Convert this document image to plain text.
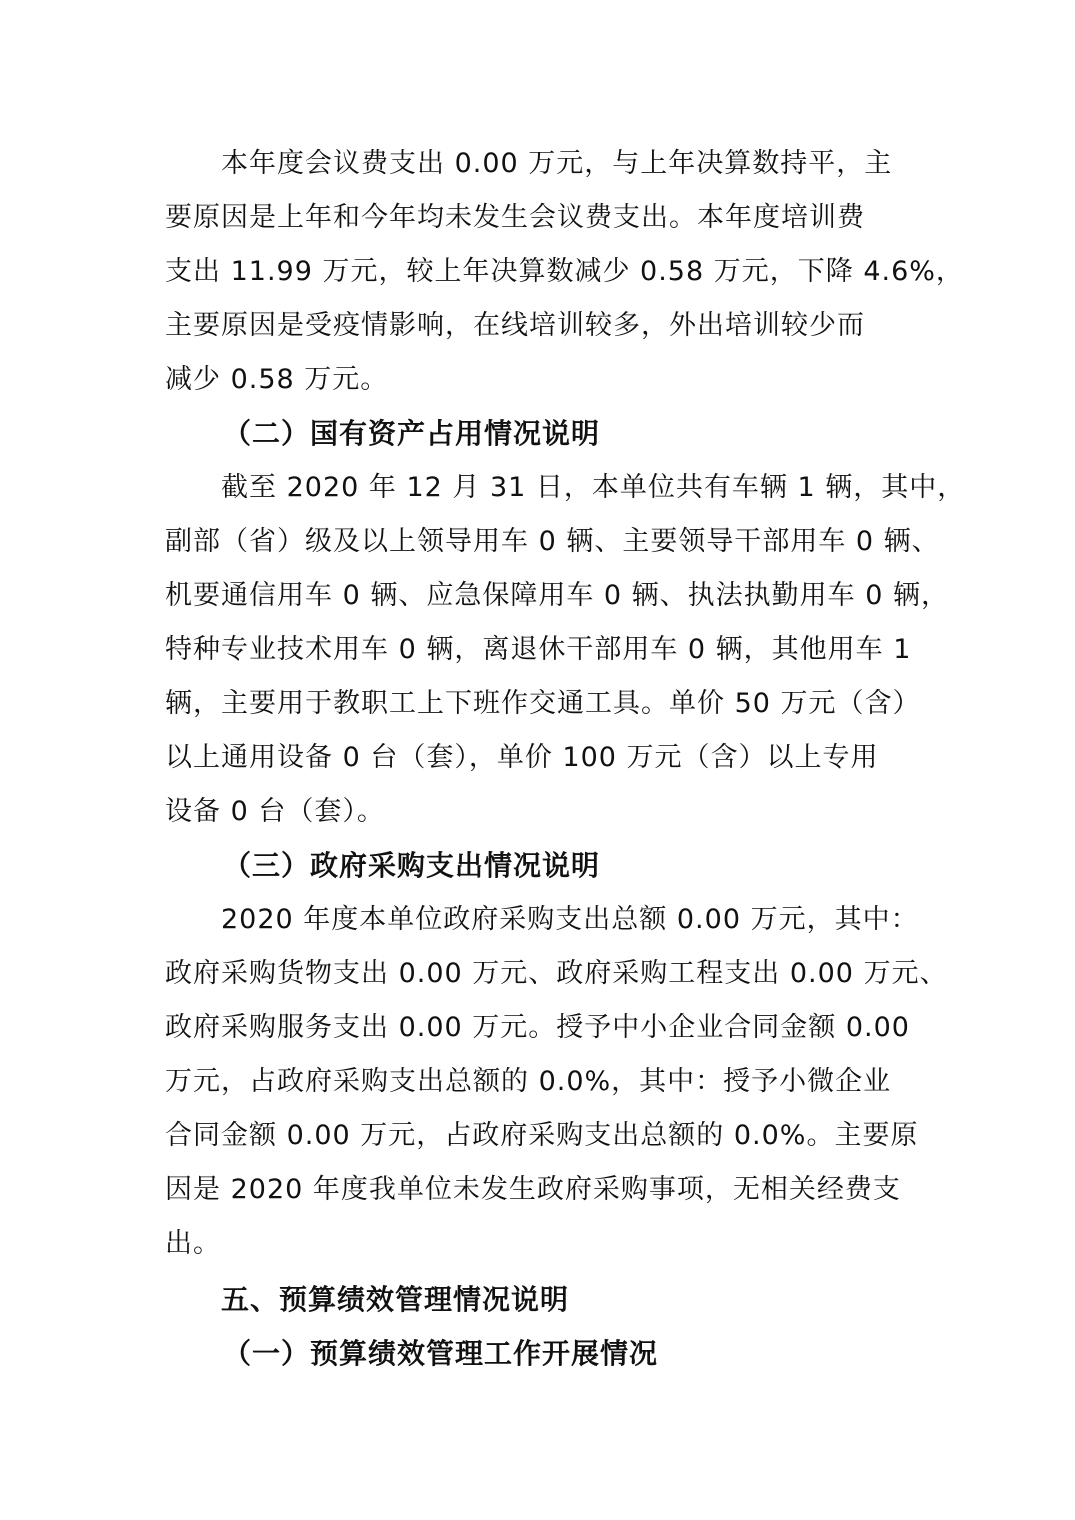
本年度会议费支出 0.00 万元，与上年决算数持平，主
要原因是上年和今年均未发生会议费支出。本年度培训费
支出 11.99 万元，较上年决算数减少 0.58 万元，下降 4.6%，
主要原因是受疫情影响，在线培训较多，外出培训较少而
减少 0.58 万元。
（二）国有资产占用情况说明
截至 2020 年 12 月 31 日，本单位共有车辆 1 辆，其中，
副部（省）级及以上领导用车 0 辆、主要领导干部用车 0 辆、
机要通信用车 0 辆、应急保障用车 0 辆、执法执勤用车 0 辆，
特种专业技术用车 0 辆，离退休干部用车 0 辆，其他用车 1
辆，主要用于教职工上下班作交通工具。单价 50 万元（含）
以上通用设备 0 台（套），单价 100 万元（含）以上专用
设备 0 台（套）。
（三）政府采购支出情况说明
2020 年度本单位政府采购支出总额 0.00 万元，其中：
政府采购货物支出 0.00 万元、政府采购工程支出 0.00 万元、
政府采购服务支出 0.00 万元。授予中小企业合同金额 0.00
万元，占政府采购支出总额的 0.0%，其中：授予小微企业
合同金额 0.00 万元，占政府采购支出总额的 0.0%。主要原
因是 2020 年度我单位未发生政府采购事项，无相关经费支
出。
五、预算绩效管理情况说明
（一）预算绩效管理工作开展情况
